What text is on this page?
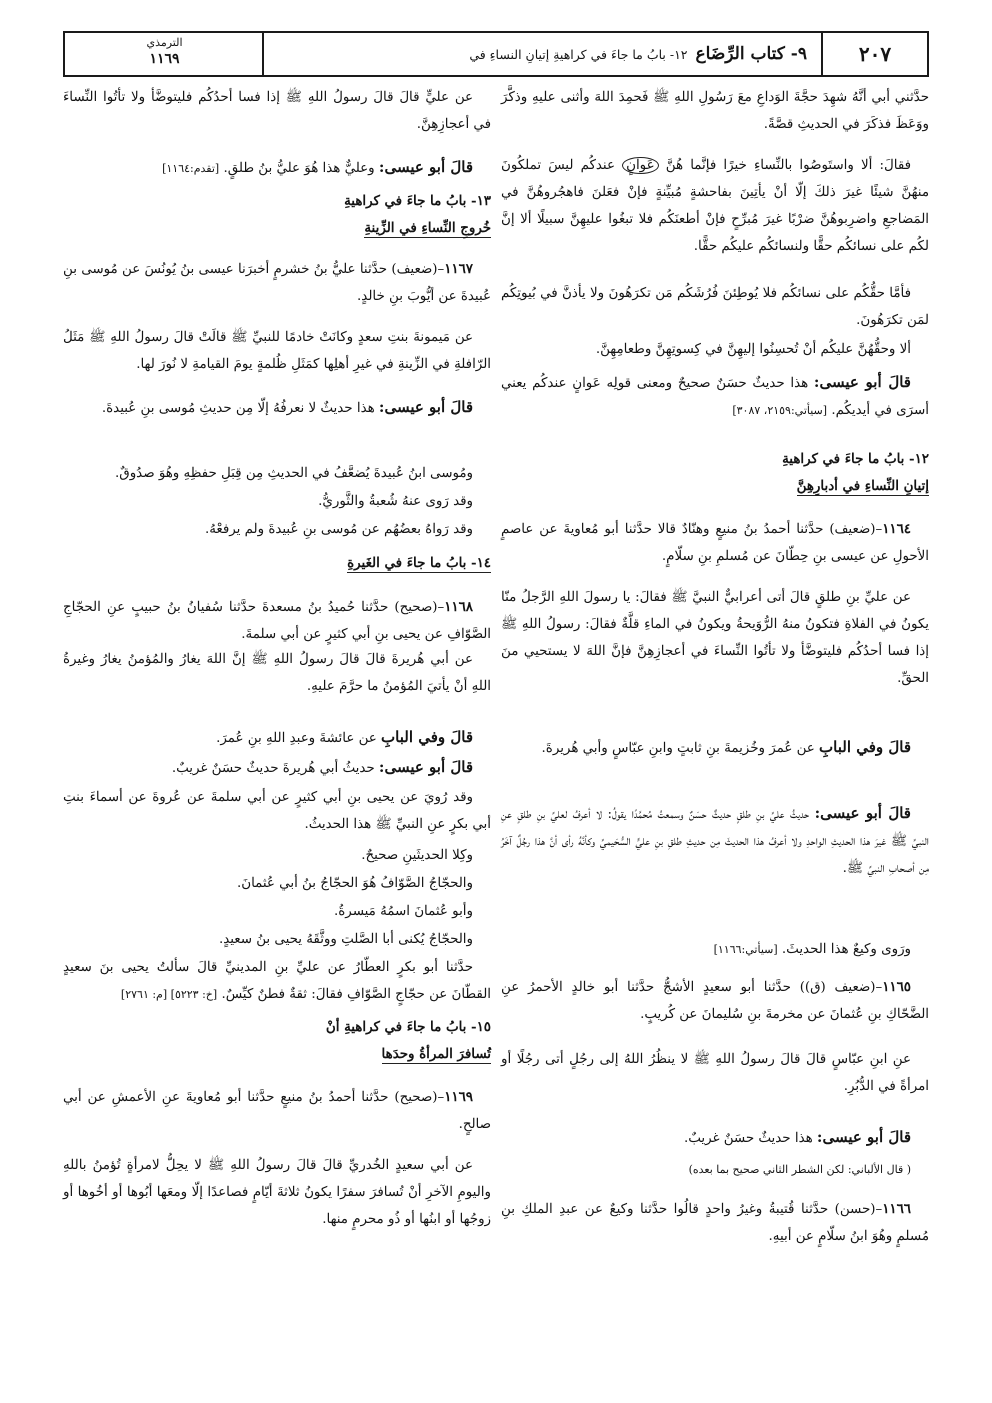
٢٠٧
٩- كتاب الرِّضَاع
١٢- بابُ ما جاءَ في كراهيةِ إتيانِ النساءِ في
الترمذي
١١٦٩

حدَّثني أبي أنَّهُ شهِدَ حجَّةَ الوَداعِ معَ رَسُولِ اللهِ ﷺ فَحمِدَ اللهَ وأثنى عليهِ وذكَّرَ ووَعَظَ فذكَرَ في الحديثِ قصَّةً.

فقالَ: ألا واستَوصُوا بالنِّساءِ خيرًا فإنَّما هُنَّ عَوانٍ عندكُم ليسَ تملكُونَ منهُنَّ شيئًا غيرَ ذلكَ إلّا أنْ يأتِينَ بفاحشةٍ مُبيِّنةٍ فإنْ فعَلنَ فاهجُروهُنَّ في المَضاجعِ واضرِبوهُنَّ ضرْبًا غيرَ مُبرِّحٍ فإنْ أطعنَكُم فلا تبغُوا عليهِنَّ سبيلًا ألا إنَّ لكُم على نسائكُم حقًّا ولنسائكُم عليكُم حقًّا.

فأمَّا حقُّكُم على نسائكُم فلا يُوطِئنَ فُرُشَكُم مَن تكرَهُونَ ولا يأذنَّ في بُيوتِكُم لمَن تكرَهُونَ.

ألا وحقُّهُنَّ عليكُم أنْ تُحسِنُوا إليهِنَّ في كِسوتِهِنَّ وطعامِهِنَّ.

قالَ أبو عيسى: هذا حديثٌ حسَنٌ صحيحٌ ومعنى قولِه عَوانٍ عندكُم يعني أسرَى في أيديكُم. [سيأتي:٢١٥٩، ٣٠٨٧]

١٢- بابُ ما جاءَ في كراهيةِ

إتيانِ النِّساءِ في أدبارِهِنَّ

١١٦٤–(ضعيف) حدَّثنا أحمدُ بنُ منيعٍ وهنّادٌ قالا حدَّثنا أبو مُعاويةَ عن عاصمٍ الأحولِ عن عيسى بنِ حِطّانَ عن مُسلمِ بنِ سلّامٍ.

عن عليِّ بنِ طلقٍ قالَ أتى أعرابيٌّ النبيَّ ﷺ فقالَ: يا رسولَ اللهِ الرَّجلُ منّا يكونُ في الفلاةِ فتكونُ منهُ الرُّوَيحةُ ويكونُ في الماءِ قلَّةٌ فقالَ: رسولُ اللهِ ﷺ إذا فسا أحدُكُم فليتوضَّأ ولا تأتُوا النِّساءَ في أعجازِهِنَّ فإنَّ اللهَ لا يستحيي منَ الحقِّ.

قالَ وفي البابِ عن عُمرَ وخُزيمةَ بنِ ثابتٍ وابنِ عبّاسٍ وأبي هُريرةَ.

قالَ أبو عيسى: حديثُ عليِّ بنِ طلقٍ حديثٌ حسَنٌ وسمعتُ مُحمَّدًا يقولُ: لا أعرفُ لعليِّ بنِ طلقٍ عنِ النبيِّ ﷺ غيرَ هذا الحديثِ الواحدِ ولا أعرفُ هذا الحديثَ مِن حديثِ طلقِ بنِ عليٍّ السُّحَيميِّ وكأنَّهُ رأى أنَّ هذا رجُلٌ آخَرُ مِن أصحابِ النبيِّ ﷺ.

ورَوى وكيعٌ هذا الحديثَ. [سيأتي:١١٦٦]

١١٦٥–(ضعيف (ق)) حدَّثنا أبو سعيدٍ الأشجُّ حدَّثنا أبو خالدٍ الأحمرُ عنِ الضَّحّاكِ بنِ عُثمانَ عن مخرمةَ بنِ سُليمانَ عن كُريبٍ.

عنِ ابنِ عبّاسٍ قالَ قالَ رسولُ اللهِ ﷺ لا ينظُرُ اللهُ إلى رجُلٍ أتى رجُلًا أو امرأةً في الدُّبُرِ.

قالَ أبو عيسى: هذا حديثٌ حسَنٌ غريبٌ.

( قال الألباني: لكن الشطر الثاني صحيح بما بعده)

١١٦٦–(حسن) حدَّثنا قُتيبةُ وغيرُ واحدٍ قالُوا حدَّثنا وكيعٌ عن عبدِ الملكِ بنِ مُسلمٍ وهُوَ ابنُ سلّامٍ عن أبيهِ.

عن عليٍّ قالَ قالَ رسولُ اللهِ ﷺ إذا فسا أحدُكُم فليتوضَّأ ولا تأتُوا النِّساءَ في أعجازِهِنَّ.

قالَ أبو عيسى: وعليٌّ هذا هُوَ عليُّ بنُ طلقٍ. [تقدم:١١٦٤]

١٣- بابُ ما جاءَ في كراهيةِ

خُروجِ النِّساءِ في الزِّينةِ

١١٦٧–(ضعيف) حدَّثنا عليُّ بنُ خشرمٍ أخبرَنا عيسى بنُ يُونُسَ عن مُوسى بنِ عُبيدةَ عن أيُّوبَ بنِ خالدٍ.

عن مَيمونةَ بنتِ سعدٍ وكانَتْ خادمًا للنبيِّ ﷺ قالَتْ قالَ رسولُ اللهِ ﷺ مَثَلُ الرّافلةِ في الزِّينةِ في غيرِ أهلِها كمَثَلِ ظُلمةٍ يومَ القيامةِ لا نُورَ لها.

قالَ أبو عيسى: هذا حديثٌ لا نعرفُهُ إلّا مِن حديثِ مُوسى بنِ عُبيدةَ.

ومُوسى ابنُ عُبيدةَ يُضعَّفُ في الحديثِ مِن قِبَلِ حفظِهِ وهُوَ صدُوقٌ.

وقد رَوى عنهُ شُعبةُ والثَّوريُّ.

وقد رَواهُ بعضُهُم عن مُوسى بنِ عُبيدةَ ولم يرفعْهُ.

١٤- بابُ ما جاءَ في الغَيرةِ

١١٦٨–(صحيح) حدَّثنا حُميدُ بنُ مسعدةَ حدَّثنا سُفيانُ بنُ حبيبٍ عنِ الحجّاجِ الصَّوّافِ عن يحيى بنِ أبي كثيرٍ عن أبي سلمةَ.

عن أبي هُريرةَ قالَ قالَ رسولُ اللهِ ﷺ إنَّ اللهَ يغارُ والمُؤمنُ يغارُ وغيرةُ اللهِ أنْ يأتيَ المُؤمنُ ما حرَّمَ عليهِ.

قالَ وفي البابِ عن عائشةَ وعبدِ اللهِ بنِ عُمرَ.

قالَ أبو عيسى: حديثُ أبي هُريرةَ حديثٌ حسَنٌ غريبٌ.

وقد رُويَ عن يحيى بنِ أبي كثيرٍ عن أبي سلمةَ عن عُروةَ عن أسماءَ بنتِ أبي بكرٍ عنِ النبيِّ ﷺ هذا الحديثُ.

وكِلا الحديثَينِ صحيحٌ.

والحجّاجُ الصَّوّافُ هُوَ الحجّاجُ بنُ أبي عُثمانَ.

وأبو عُثمانَ اسمُهُ مَيسرةُ.

والحجّاجُ يُكنى أبا الصَّلتِ ووثَّقَهُ يحيى بنُ سعيدٍ.

حدَّثنا أبو بكرٍ العطّارُ عن عليِّ بنِ المدينيِّ قالَ سألتُ يحيى بنَ سعيدٍ القطّانَ عن حجّاجٍ الصَّوّافِ فقالَ: ثقةٌ فطنٌ كيِّسٌ. [خ: ٥٢٢٣] [م: ٢٧٦١]

١٥- بابُ ما جاءَ في كراهيةِ أنْ

تُسافرَ المرأةُ وحدَها

١١٦٩–(صحيح) حدَّثنا أحمدُ بنُ منيعٍ حدَّثنا أبو مُعاويةَ عنِ الأعمشِ عن أبي صالحٍ.

عن أبي سعيدٍ الخُدريِّ قالَ قالَ رسولُ اللهِ ﷺ لا يحِلُّ لامرأةٍ تُؤمنُ باللهِ واليومِ الآخرِ أنْ تُسافرَ سفرًا يكونُ ثلاثةَ أيّامٍ فصاعدًا إلّا ومعَها أبُوها أو أخُوها أو زوجُها أو ابنُها أو ذُو محرمٍ منها.
